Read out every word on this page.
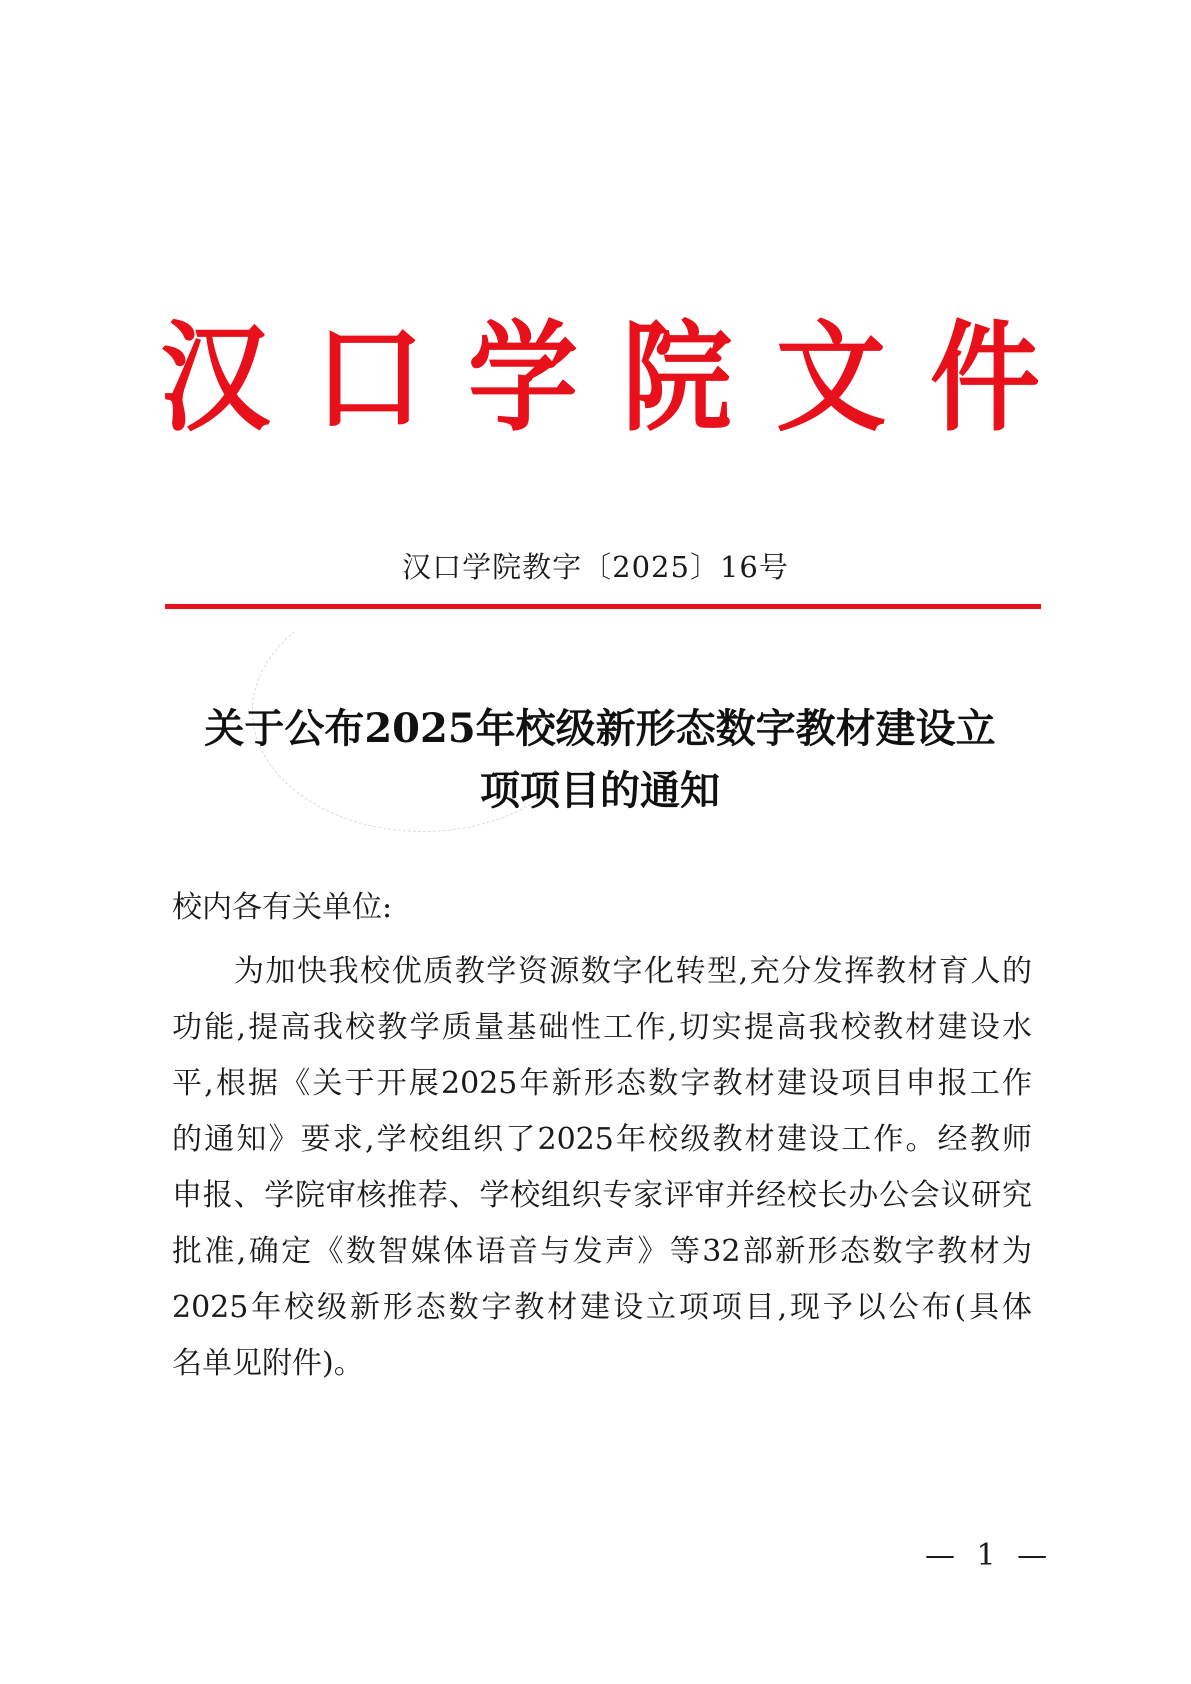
汉 口 学 院 文 件
汉口学院教字〔2025〕16号
关于公布2025年校级新形态数字教材建设立
项项目的通知
校内各有关单位:
为加快我校优质教学资源数字化转型,充分发挥教材育人的
功能,提高我校教学质量基础性工作,切实提高我校教材建设水
平,根据《关于开展2025年新形态数字教材建设项目申报工作
的通知》要求,学校组织了2025年校级教材建设工作。经教师
申报、学院审核推荐、学校组织专家评审并经校长办公会议研究
批准,确定《数智媒体语音与发声》等32部新形态数字教材为
2025年校级新形态数字教材建设立项项目,现予以公布(具体
名单见附件)。
— 1 —
